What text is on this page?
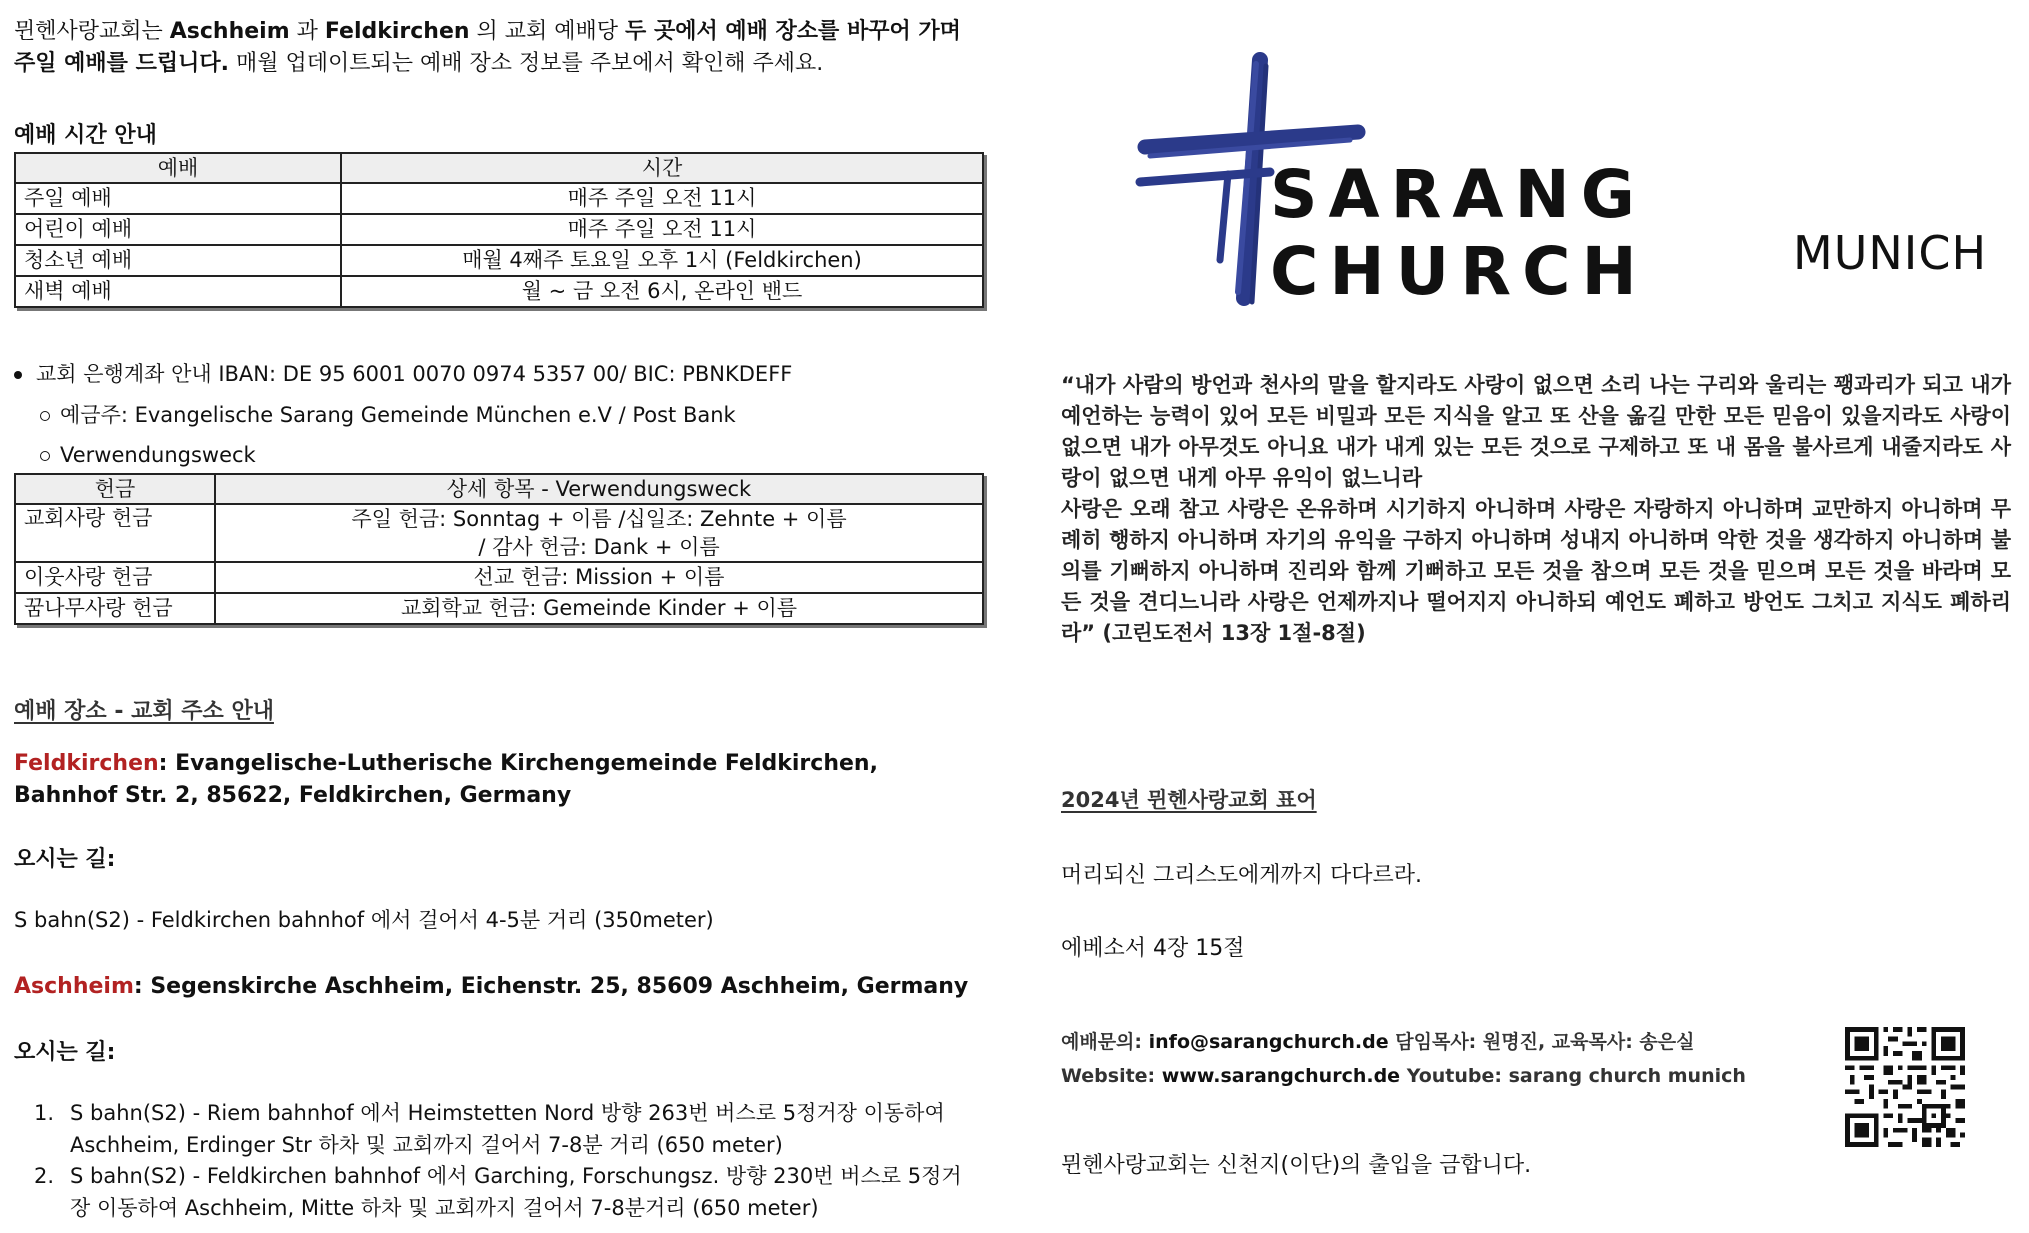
뮌헨사랑교회는 Aschheim 과 Feldkirchen 의 교회 예배당 두 곳에서 예배 장소를 바꾸어 가며 주일 예배를 드립니다. 매월 업데이트되는 예배 장소 정보를 주보에서 확인해 주세요.
예배 시간 안내
예배	시간
주일 예배	매주 주일 오전 11시
어린이 예배	매주 주일 오전 11시
청소년 예배	매월 4째주 토요일 오후 1시 (Feldkirchen)
새벽 예배	월 ~ 금 오전 6시, 온라인 밴드
교회 은행계좌 안내 IBAN: DE 95 6001 0070 0974 5357 00/ BIC: PBNKDEFF
예금주: Evangelische Sarang Gemeinde München e.V / Post Bank
Verwendungsweck
헌금	상세 항목 - Verwendungsweck
교회사랑 헌금	주일 헌금: Sonntag + 이름 /십일조: Zehnte + 이름
/ 감사 헌금: Dank + 이름

이웃사랑 헌금	선교 헌금: Mission + 이름
꿈나무사랑 헌금	교회학교 헌금: Gemeinde Kinder + 이름
예배 장소 - 교회 주소 안내
Feldkirchen: Evangelische-Lutherische Kirchengemeinde Feldkirchen, Bahnhof Str. 2, 85622, Feldkirchen, Germany
오시는 길:
S bahn(S2) - Feldkirchen bahnhof 에서 걸어서 4-5분 거리 (350meter)
Aschheim: Segenskirche Aschheim, Eichenstr. 25, 85609 Aschheim, Germany
오시는 길:
1. S bahn(S2) - Riem bahnhof 에서 Heimstetten Nord 방향 263번 버스로 5정거장 이동하여 Aschheim, Erdinger Str 하차 및 교회까지 걸어서 7-8분 거리 (650 meter)
2. S bahn(S2) - Feldkirchen bahnhof 에서 Garching, Forschungsz. 방향 230번 버스로 5정거장 이동하여 Aschheim, Mitte 하차 및 교회까지 걸어서 7-8분거리 (650 meter)
SARANG CHURCH	MUNICH
“내가 사람의 방언과 천사의 말을 할지라도 사랑이 없으면 소리 나는 구리와 울리는 꽹과리가 되고 내가 예언하는 능력이 있어 모든 비밀과 모든 지식을 알고 또 산을 옮길 만한 모든 믿음이 있을지라도 사랑이 없으면 내가 아무것도 아니요 내가 내게 있는 모든 것으로 구제하고 또 내 몸을 불사르게 내줄지라도 사랑이 없으면 내게 아무 유익이 없느니라
사랑은 오래 참고 사랑은 온유하며 시기하지 아니하며 사랑은 자랑하지 아니하며 교만하지 아니하며 무례히 행하지 아니하며 자기의 유익을 구하지 아니하며 성내지 아니하며 악한 것을 생각하지 아니하며 불의를 기뻐하지 아니하며 진리와 함께 기뻐하고 모든 것을 참으며 모든 것을 믿으며 모든 것을 바라며 모든 것을 견디느니라 사랑은 언제까지나 떨어지지 아니하되 예언도 폐하고 방언도 그치고 지식도 폐하리라” (고린도전서 13장 1절-8절)
2024년 뮌헨사랑교회 표어
머리되신 그리스도에게까지 다다르라.
에베소서 4장 15절
예배문의: info@sarangchurch.de 담임목사: 원명진, 교육목사: 송은실
Website: www.sarangchurch.de Youtube: sarang church munich
뮌헨사랑교회는 신천지(이단)의 출입을 금합니다.
